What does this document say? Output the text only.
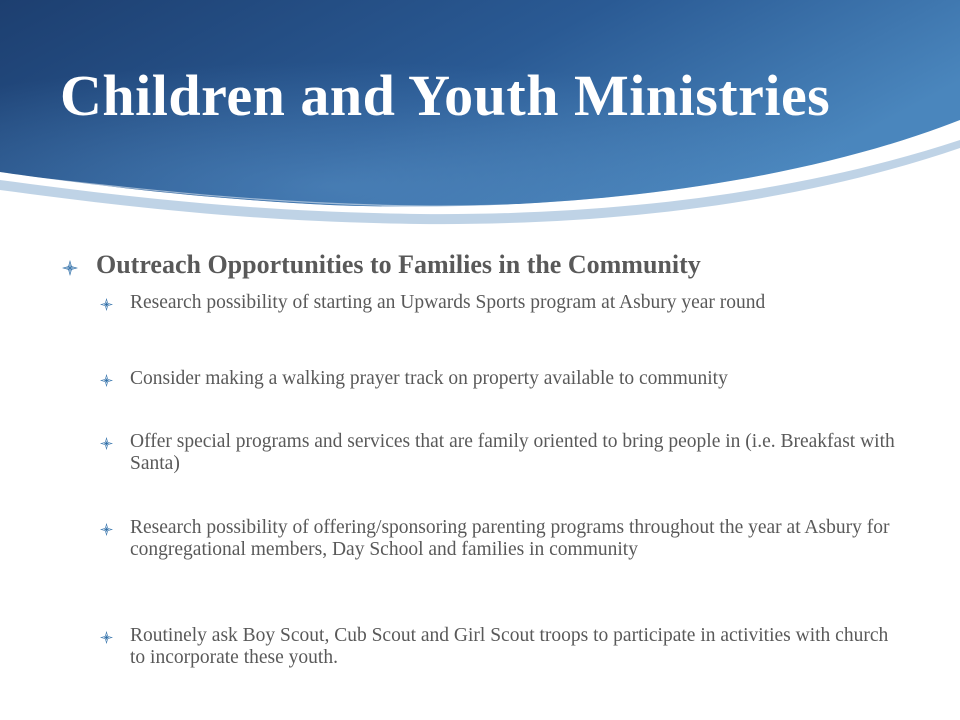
Children and Youth Ministries

Outreach Opportunities to Families in the Community

Research possibility of starting an Upwards Sports program at Asbury year round

Consider making a walking prayer track on property available to community

Offer special programs and services that are family oriented to bring people in (i.e. Breakfast with Santa)

Research possibility of offering/sponsoring parenting programs throughout the year at Asbury for congregational members, Day School and families in community

Routinely ask Boy Scout, Cub Scout and Girl Scout troops to participate in activities with church to incorporate these youth.
